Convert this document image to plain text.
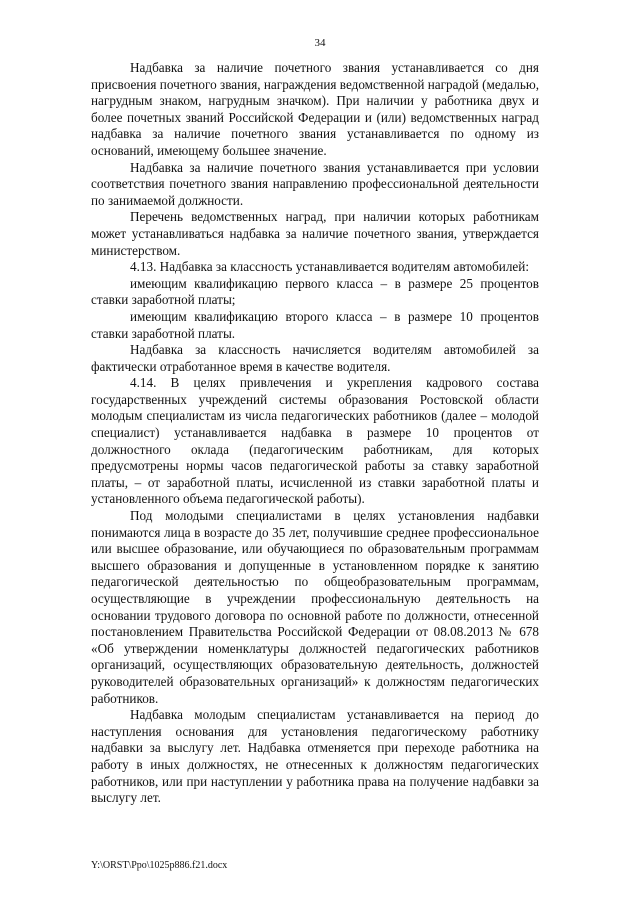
34

Надбавка за наличие почетного звания устанавливается со дня присвоения почетного звания, награждения ведомственной наградой (медалью, нагрудным знаком, нагрудным значком). При наличии у работника двух и более почетных званий Российской Федерации и (или) ведомственных наград надбавка за наличие почетного звания устанавливается по одному из оснований, имеющему большее значение.

Надбавка за наличие почетного звания устанавливается при условии соответствия почетного звания направлению профессиональной деятельности по занимаемой должности.

Перечень ведомственных наград, при наличии которых работникам может устанавливаться надбавка за наличие почетного звания, утверждается министерством.

4.13. Надбавка за классность устанавливается водителям автомобилей:

имеющим квалификацию первого класса – в размере 25 процентов ставки заработной платы;

имеющим квалификацию второго класса – в размере 10 процентов ставки заработной платы.

Надбавка за классность начисляется водителям автомобилей за фактически отработанное время в качестве водителя.

4.14. В целях привлечения и укрепления кадрового состава государственных учреждений системы образования Ростовской области молодым специалистам из числа педагогических работников (далее – молодой специалист) устанавливается надбавка в размере 10 процентов от должностного оклада (педагогическим работникам, для которых предусмотрены нормы часов педагогической работы за ставку заработной платы, – от заработной платы, исчисленной из ставки заработной платы и установленного объема педагогической работы).

Под молодыми специалистами в целях установления надбавки понимаются лица в возрасте до 35 лет, получившие среднее профессиональное или высшее образование, или обучающиеся по образовательным программам высшего образования и допущенные в установленном порядке к занятию педагогической деятельностью по общеобразовательным программам, осуществляющие в учреждении профессиональную деятельность на основании трудового договора по основной работе по должности, отнесенной постановлением Правительства Российской Федерации от 08.08.2013 № 678 «Об утверждении номенклатуры должностей педагогических работников организаций, осуществляющих образовательную деятельность, должностей руководителей образовательных организаций» к должностям педагогических работников.

Надбавка молодым специалистам устанавливается на период до наступления основания для установления педагогическому работнику надбавки за выслугу лет. Надбавка отменяется при переходе работника на работу в иных должностях, не отнесенных к должностям педагогических работников, или при наступлении у работника права на получение надбавки за выслугу лет.

Y:\ORST\Ppo\1025p886.f21.docx
